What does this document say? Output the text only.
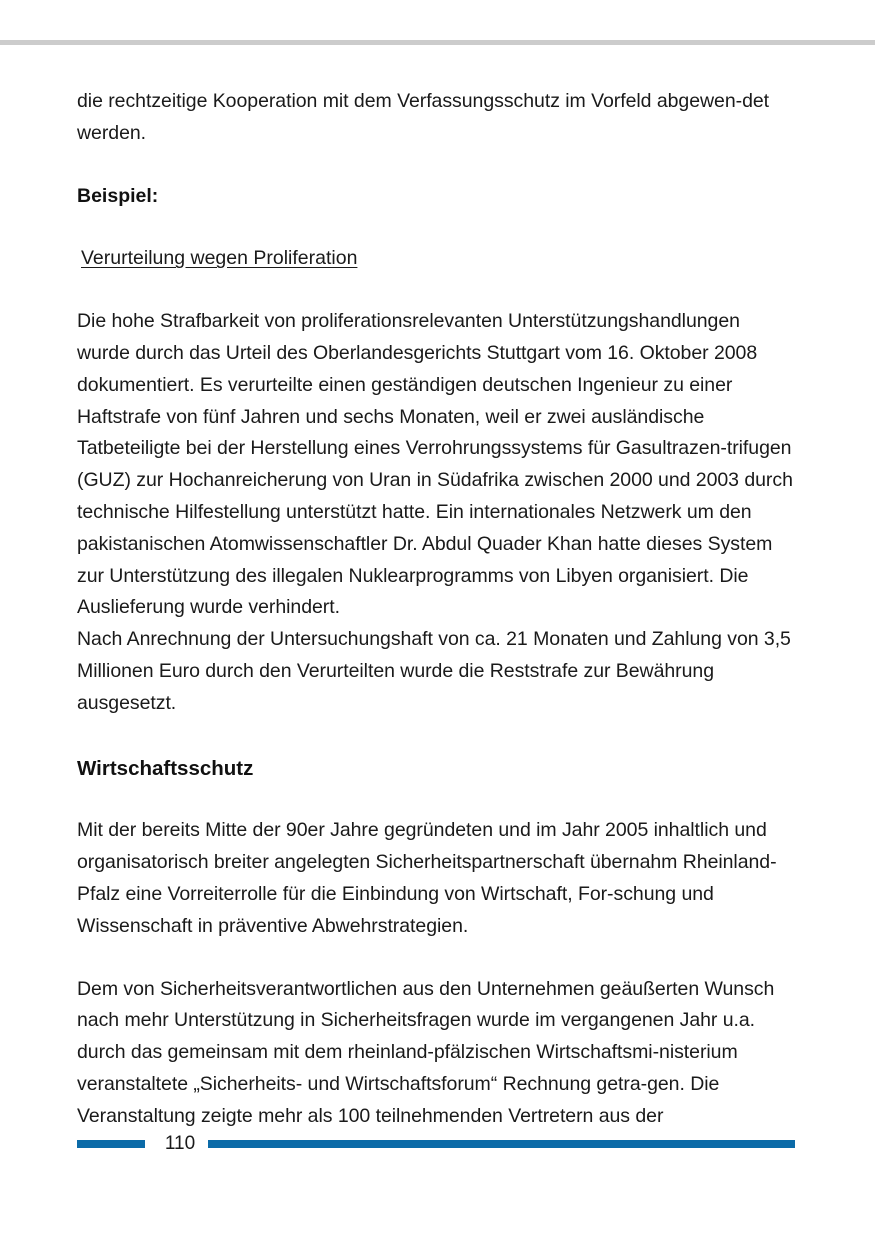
die rechtzeitige Kooperation mit dem Verfassungsschutz im Vorfeld abgewen-det werden.

Beispiel:

Verurteilung wegen Proliferation

Die hohe Strafbarkeit von proliferationsrelevanten Unterstützungshandlungen wurde durch das Urteil des Oberlandesgerichts Stuttgart vom 16. Oktober 2008 dokumentiert. Es verurteilte einen geständigen deutschen Ingenieur zu einer Haftstrafe von fünf Jahren und sechs Monaten, weil er zwei ausländische Tatbeteiligte bei der Herstellung eines Verrohrungssystems für Gasultrazen-trifugen (GUZ) zur Hochanreicherung von Uran in Südafrika zwischen 2000 und 2003 durch technische Hilfestellung unterstützt hatte. Ein internationales Netzwerk um den pakistanischen Atomwissenschaftler Dr. Abdul Quader Khan hatte dieses System zur Unterstützung des illegalen Nuklearprogramms von Libyen organisiert. Die Auslieferung wurde verhindert.

Nach Anrechnung der Untersuchungshaft von ca. 21 Monaten und Zahlung von 3,5 Millionen Euro durch den Verurteilten wurde die Reststrafe zur Bewährung ausgesetzt.

Wirtschaftsschutz

Mit der bereits Mitte der 90er Jahre gegründeten und im Jahr 2005 inhaltlich und organisatorisch breiter angelegten Sicherheitspartnerschaft übernahm Rheinland-Pfalz eine Vorreiterrolle für die Einbindung von Wirtschaft, For-schung und Wissenschaft in präventive Abwehrstrategien.

Dem von Sicherheitsverantwortlichen aus den Unternehmen geäußerten Wunsch nach mehr Unterstützung in Sicherheitsfragen wurde im vergangenen Jahr u.a. durch das gemeinsam mit dem rheinland-pfälzischen Wirtschaftsmi-nisterium veranstaltete „Sicherheits- und Wirtschaftsforum“ Rechnung getra-gen. Die Veranstaltung zeigte mehr als 100 teilnehmenden Vertretern aus der

110
